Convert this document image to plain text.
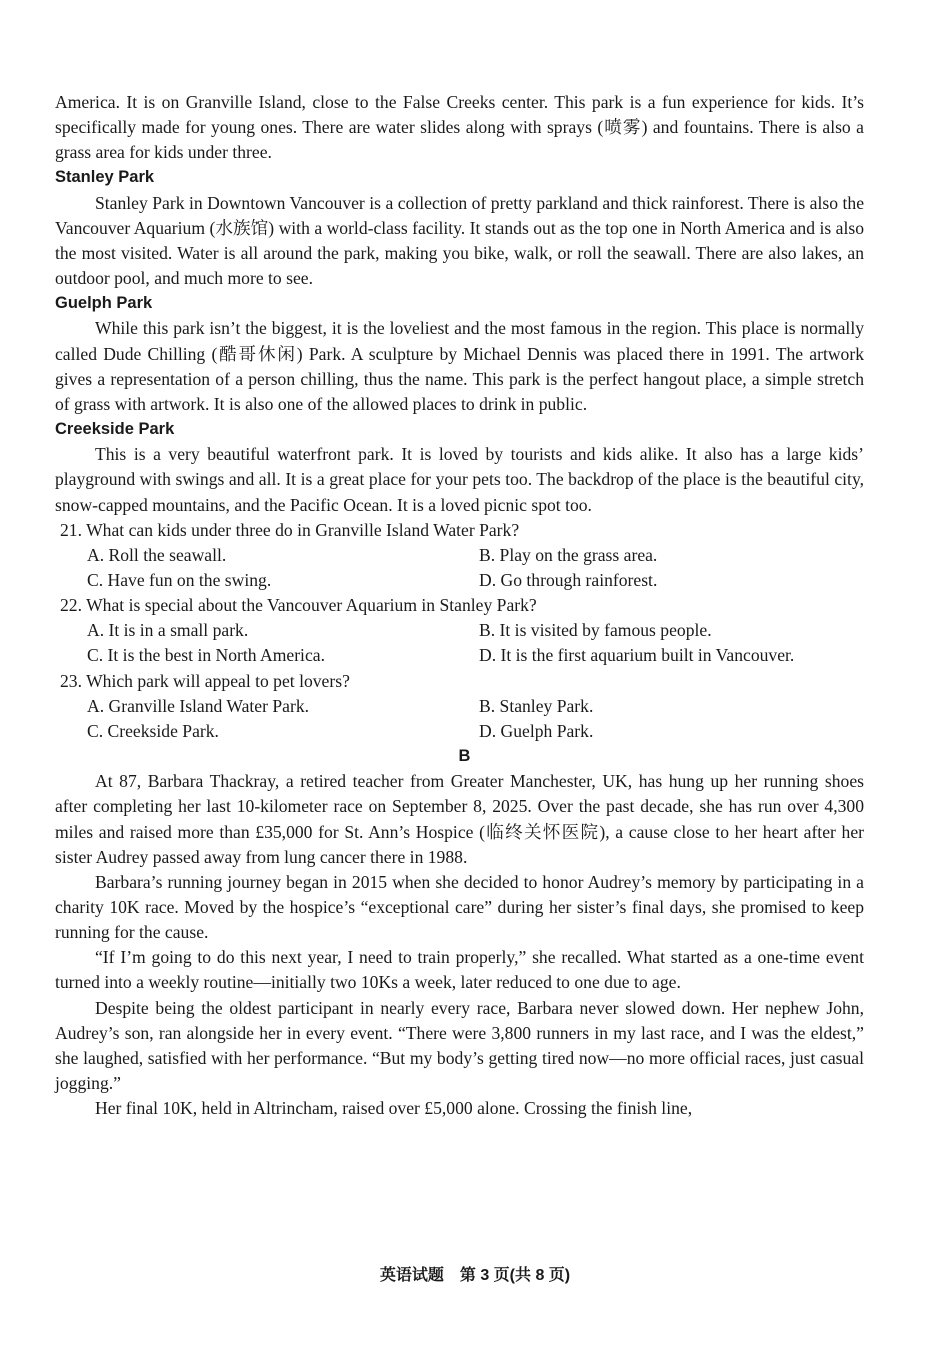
America. It is on Granville Island, close to the False Creeks center. This park is a fun experience for kids. It’s specifically made for young ones. There are water slides along with sprays (喷雾) and fountains. There is also a grass area for kids under three.

Stanley Park

Stanley Park in Downtown Vancouver is a collection of pretty parkland and thick rainforest. There is also the Vancouver Aquarium (水族馆) with a world-class facility. It stands out as the top one in North America and is also the most visited. Water is all around the park, making you bike, walk, or roll the seawall. There are also lakes, an outdoor pool, and much more to see.

Guelph Park

While this park isn’t the biggest, it is the loveliest and the most famous in the region. This place is normally called Dude Chilling (酷哥休闲) Park. A sculpture by Michael Dennis was placed there in 1991. The artwork gives a representation of a person chilling, thus the name. This park is the perfect hangout place, a simple stretch of grass with artwork. It is also one of the allowed places to drink in public.

Creekside Park

This is a very beautiful waterfront park. It is loved by tourists and kids alike. It also has a large kids’ playground with swings and all. It is a great place for your pets too. The backdrop of the place is the beautiful city, snow-capped mountains, and the Pacific Ocean. It is a loved picnic spot too.

21. What can kids under three do in Granville Island Water Park?

A. Roll the seawall.	B. Play on the grass area.
C. Have fun on the swing.	D. Go through rainforest.

22. What is special about the Vancouver Aquarium in Stanley Park?

A. It is in a small park.	B. It is visited by famous people.
C. It is the best in North America.	D. It is the first aquarium built in Vancouver.

23. Which park will appeal to pet lovers?

A. Granville Island Water Park.	B. Stanley Park.
C. Creekside Park.	D. Guelph Park.
B

At 87, Barbara Thackray, a retired teacher from Greater Manchester, UK, has hung up her running shoes after completing her last 10-kilometer race on September 8, 2025. Over the past decade, she has run over 4,300 miles and raised more than £35,000 for St. Ann’s Hospice (临终关怀医院), a cause close to her heart after her sister Audrey passed away from lung cancer there in 1988.

Barbara’s running journey began in 2015 when she decided to honor Audrey’s memory by participating in a charity 10K race. Moved by the hospice’s “exceptional care” during her sister’s final days, she promised to keep running for the cause.

“If I’m going to do this next year, I need to train properly,” she recalled. What started as a one-time event turned into a weekly routine—initially two 10Ks a week, later reduced to one due to age.

Despite being the oldest participant in nearly every race, Barbara never slowed down. Her nephew John, Audrey’s son, ran alongside her in every event. “There were 3,800 runners in my last race, and I was the eldest,” she laughed, satisfied with her performance. “But my body’s getting tired now—no more official races, just casual jogging.”

Her final 10K, held in Altrincham, raised over £5,000 alone. Crossing the finish line,

英语试题　第 3 页(共 8 页)
